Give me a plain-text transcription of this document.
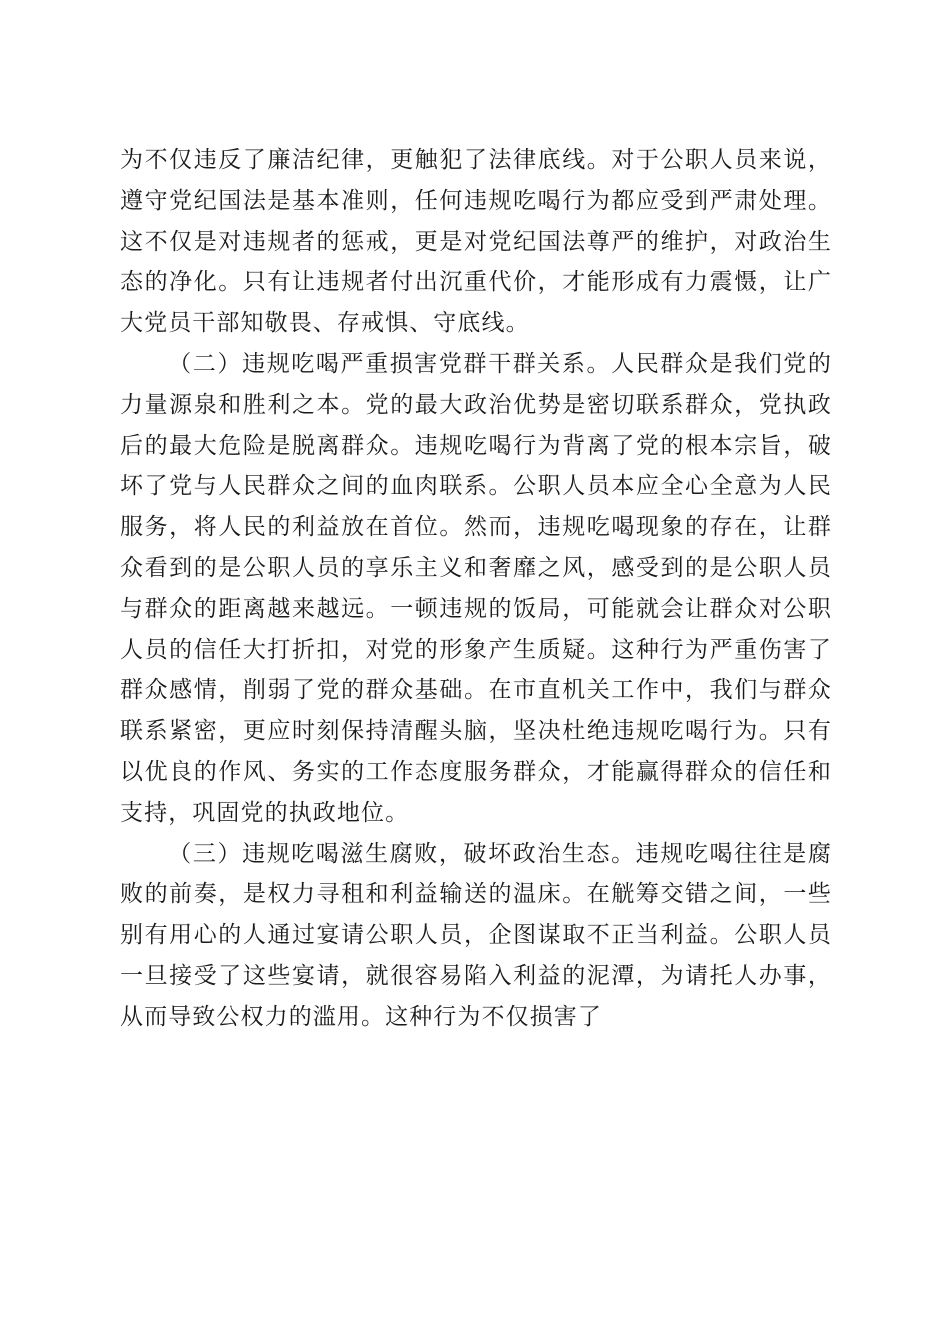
为不仅违反了廉洁纪律，更触犯了法律底线。对于公职人员来说，遵守党纪国法是基本准则，任何违规吃喝行为都应受到严肃处理。这不仅是对违规者的惩戒，更是对党纪国法尊严的维护，对政治生态的净化。只有让违规者付出沉重代价，才能形成有力震慑，让广大党员干部知敬畏、存戒惧、守底线。

（二）违规吃喝严重损害党群干群关系。人民群众是我们党的力量源泉和胜利之本。党的最大政治优势是密切联系群众，党执政后的最大危险是脱离群众。违规吃喝行为背离了党的根本宗旨，破坏了党与人民群众之间的血肉联系。公职人员本应全心全意为人民服务，将人民的利益放在首位。然而，违规吃喝现象的存在，让群众看到的是公职人员的享乐主义和奢靡之风，感受到的是公职人员与群众的距离越来越远。一顿违规的饭局，可能就会让群众对公职人员的信任大打折扣，对党的形象产生质疑。这种行为严重伤害了群众感情，削弱了党的群众基础。在市直机关工作中，我们与群众联系紧密，更应时刻保持清醒头脑，坚决杜绝违规吃喝行为。只有以优良的作风、务实的工作态度服务群众，才能赢得群众的信任和支持，巩固党的执政地位。

（三）违规吃喝滋生腐败，破坏政治生态。违规吃喝往往是腐败的前奏，是权力寻租和利益输送的温床。在觥筹交错之间，一些别有用心的人通过宴请公职人员，企图谋取不正当利益。公职人员一旦接受了这些宴请，就很容易陷入利益的泥潭，为请托人办事，从而导致公权力的滥用。这种行为不仅损害了
